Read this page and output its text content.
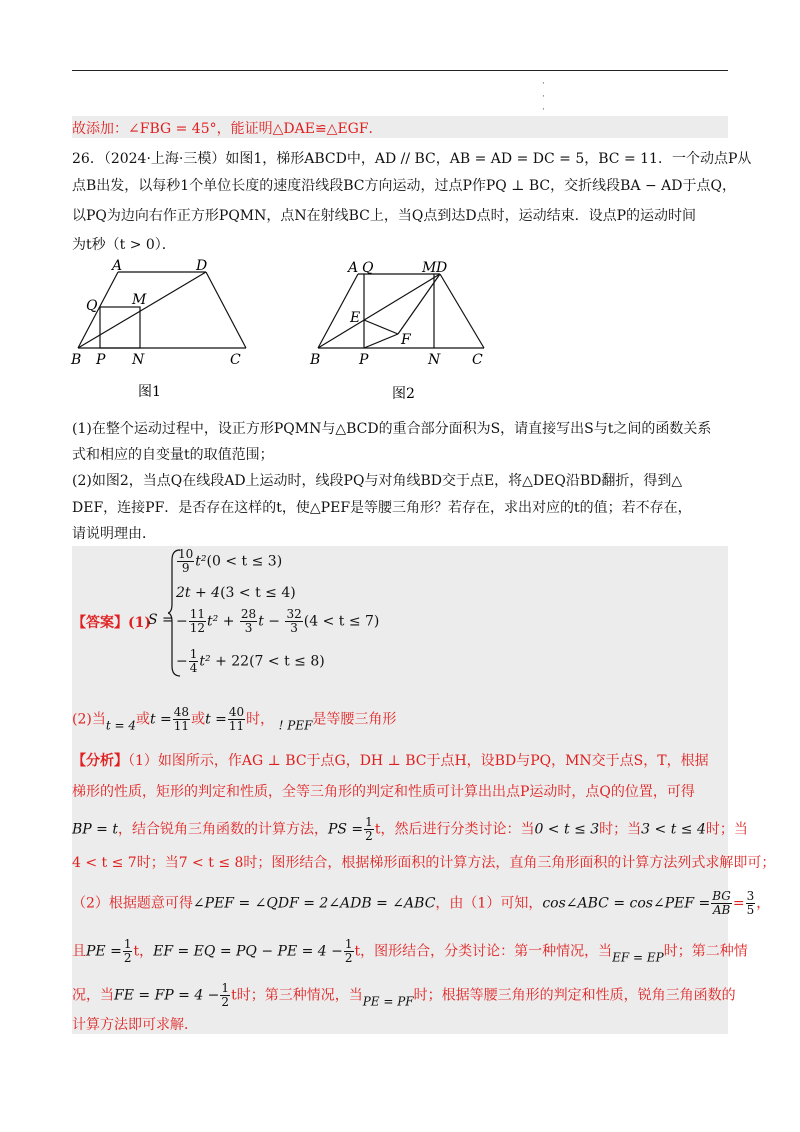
·
·
·
故添加：∠FBG = 45°，能证明△DAE≌△EGF．
26．（2024·上海·三模）如图1，梯形ABCD中，AD // BC，AB = AD = DC = 5，BC = 11．一个动点P从
点B出发，以每秒1个单位长度的速度沿线段BC方向运动，过点P作PQ ⊥ BC，交折线段BA − AD于点Q，
以PQ为边向右作正方形PQMN，点N在射线BC上，当Q点到达D点时，运动结束．设点P的运动时间
为t秒（t > 0）．
A	D
Q M
B P N	C
图1
A Q	M D
E
F
B	P	N C
图2
(1)在整个运动过程中，设正方形PQMN与△BCD的重合部分面积为S，请直接写出S与t之间的函数关系
式和相应的自变量t的取值范围；
(2)如图2，当点Q在线段AD上运动时，线段PQ与对角线BD交于点E，将△DEQ沿BD翻折，得到△
DEF，连接PF．是否存在这样的t，使△PEF是等腰三角形？若存在，求出对应的t的值；若不存在，
请说明理由．
【答案】(1)
S =
$\frac{10}{9} t^2(0 < t \le 3)$
2t + 4(3 < t ≤ 4)
− $\frac{11}{12} t^2 + \frac{28}{3}$ $t - \frac{32}{3} (4 < t \le 7)$
− $\frac{1}{4} t^2 + 22(7 < t \le 8)$
(2)当t = 4或$t = \frac{48}{11}$ 或$t = \frac{40}{11}$ 时， ! PEF是等腰三角形
【分析】（1）如图所示，作AG ⊥ BC于点G，DH ⊥ BC于点H，设BD与PQ，MN交于点S，T，根据
梯形的性质，矩形的判定和性质，全等三角形的判定和性质可计算出出点P运动时，点Q的位置，可得
BP = t，结合锐角三角函数的计算方法，PS = $\frac{1}{2}$ t，然后进行分类讨论：当0 < t ≤ 3时；当3 < t ≤ 4时；当
4 < t ≤ 7时；当7 < t ≤ 8时；图形结合，根据梯形面积的计算方法，直角三角形面积的计算方法列式求解即可；
（2）根据题意可得∠PEF = ∠QDF = 2∠ADB = ∠ABC，由（1）可知，cos∠ABC = cos∠PEF = $\frac{BG}{AB} = \frac{3}{5}$ ，
且PE = $\frac{1}{2}$ t，EF = EQ = PQ − PE = $4 - \frac{1}{2}$ t，图形结合，分类讨论：第一种情况，当EF = EP时；第二种情
况，当FE = FP = $4 - \frac{1}{2}$ t时；第三种情况，当PE = PF时；根据等腰三角形的判定和性质，锐角三角函数的
计算方法即可求解．
